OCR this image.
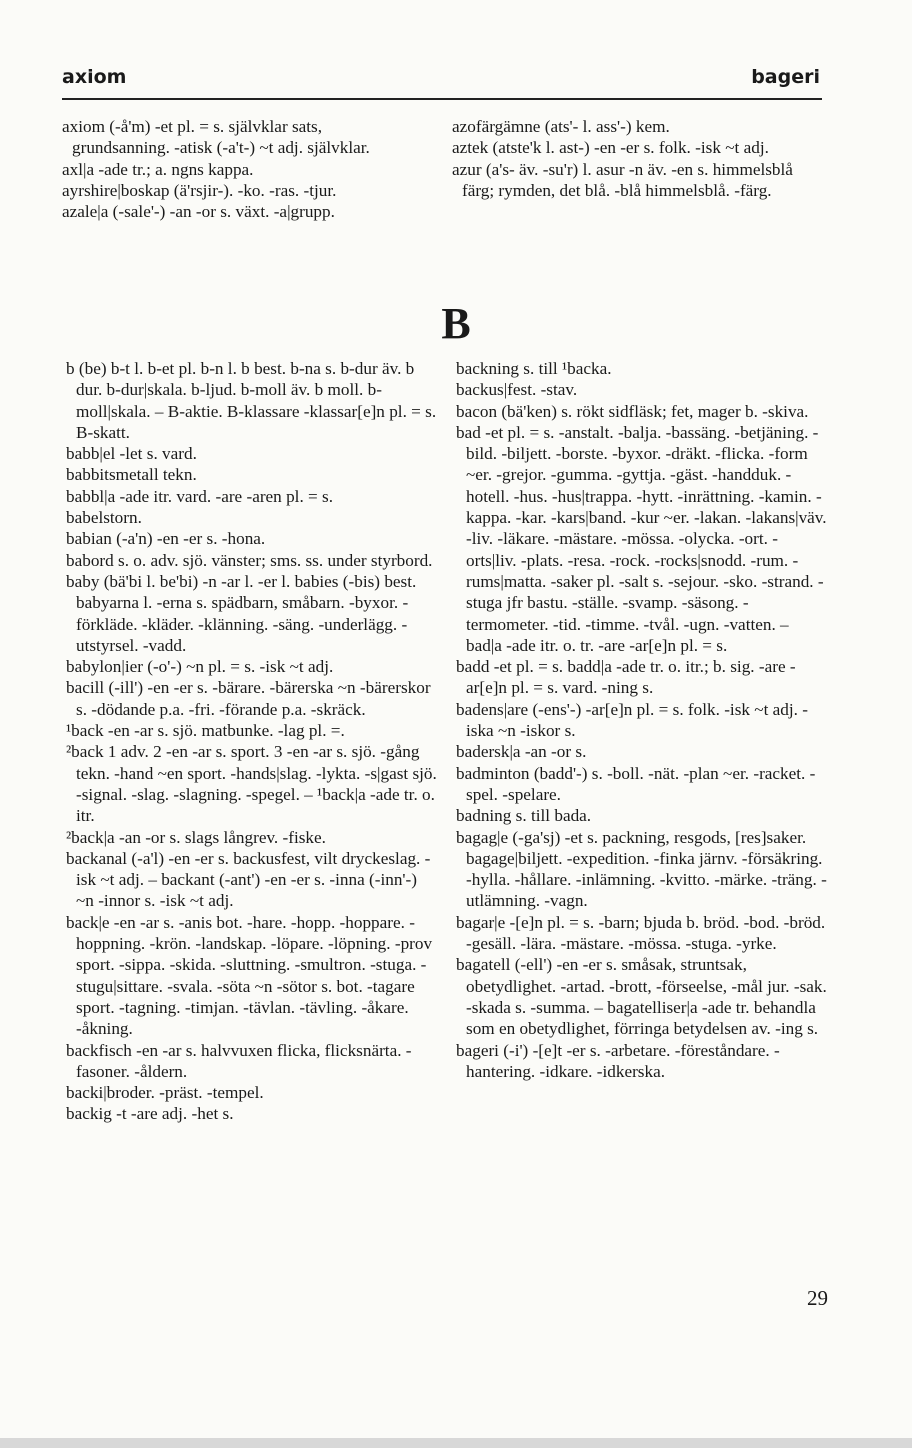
axiom	bageri

axiom (-å'm) -et pl. = s. självklar sats, grundsanning. -atisk (-a't-) ~t adj. självklar.

axl|a -ade tr.; a. ngns kappa.

ayrshire|boskap (ä'rsjir-). -ko. -ras. -tjur.

azale|a (-sale'-) -an -or s. växt. -a|grupp.

azofärgämne (ats'- l. ass'-) kem.

aztek (atste'k l. ast-) -en -er s. folk. -isk ~t adj.

azur (a's- äv. -su'r) l. asur -n äv. -en s. himmelsblå färg; rymden, det blå. -blå himmelsblå. -färg.

B

b (be) b-t l. b-et pl. b-n l. b best. b-na s. b-dur äv. b dur. b-dur|skala. b-ljud. b-moll äv. b moll. b-moll|skala. – B-aktie. B-klassare -klassar[e]n pl. = s. B-skatt.

babb|el -let s. vard.

babbitsmetall tekn.

babbl|a -ade itr. vard. -are -aren pl. = s.

babelstorn.

babian (-a'n) -en -er s. -hona.

babord s. o. adv. sjö. vänster; sms. ss. under styrbord.

baby (bä'bi l. be'bi) -n -ar l. -er l. babies (-bis) best. babyarna l. -erna s. spädbarn, småbarn. -byxor. -förkläde. -kläder. -klänning. -säng. -underlägg. -utstyrsel. -vadd.

babylon|ier (-o'-) ~n pl. = s. -isk ~t adj.

bacill (-ill') -en -er s. -bärare. -bärerska ~n -bärerskor s. -dödande p.a. -fri. -förande p.a. -skräck.

¹back -en -ar s. sjö. matbunke. -lag pl. =.

²back 1 adv. 2 -en -ar s. sport. 3 -en -ar s. sjö. -gång tekn. -hand ~en sport. -hands|slag. -lykta. -s|gast sjö. -signal. -slag. -slagning. -spegel. – ¹back|a -ade tr. o. itr.

²back|a -an -or s. slags långrev. -fiske.

backanal (-a'l) -en -er s. backusfest, vilt dryckeslag. -isk ~t adj. – backant (-ant') -en -er s. -inna (-inn'-) ~n -innor s. -isk ~t adj.

back|e -en -ar s. -anis bot. -hare. -hopp. -hoppare. -hoppning. -krön. -landskap. -löpare. -löpning. -prov sport. -sippa. -skida. -sluttning. -smultron. -stuga. -stugu|sittare. -svala. -söta ~n -sötor s. bot. -tagare sport. -tagning. -timjan. -tävlan. -tävling. -åkare. -åkning.

backfisch -en -ar s. halvvuxen flicka, flicksnärta. -fasoner. -åldern.

backi|broder. -präst. -tempel.

backig -t -are adj. -het s.

backning s. till ¹backa.

backus|fest. -stav.

bacon (bä'ken) s. rökt sidfläsk; fet, mager b. -skiva.

bad -et pl. = s. -anstalt. -balja. -bassäng. -betjäning. -bild. -biljett. -borste. -byxor. -dräkt. -flicka. -form ~er. -grejor. -gumma. -gyttja. -gäst. -handduk. -hotell. -hus. -hus|trappa. -hytt. -inrättning. -kamin. -kappa. -kar. -kars|band. -kur ~er. -lakan. -lakans|väv. -liv. -läkare. -mästare. -mössa. -olycka. -ort. -orts|liv. -plats. -resa. -rock. -rocks|snodd. -rum. -rums|matta. -saker pl. -salt s. -sejour. -sko. -strand. -stuga jfr bastu. -ställe. -svamp. -säsong. -termometer. -tid. -timme. -tvål. -ugn. -vatten. – bad|a -ade itr. o. tr. -are -ar[e]n pl. = s.

badd -et pl. = s. badd|a -ade tr. o. itr.; b. sig. -are -ar[e]n pl. = s. vard. -ning s.

badens|are (-ens'-) -ar[e]n pl. = s. folk. -isk ~t adj. -iska ~n -iskor s.

badersk|a -an -or s.

badminton (badd'-) s. -boll. -nät. -plan ~er. -racket. -spel. -spelare.

badning s. till bada.

bagag|e (-ga'sj) -et s. packning, resgods, [res]saker. bagage|biljett. -expedition. -finka järnv. -försäkring. -hylla. -hållare. -inlämning. -kvitto. -märke. -träng. -utlämning. -vagn.

bagar|e -[e]n pl. = s. -barn; bjuda b. bröd. -bod. -bröd. -gesäll. -lära. -mästare. -mössa. -stuga. -yrke.

bagatell (-ell') -en -er s. småsak, struntsak, obetydlighet. -artad. -brott, -förseelse, -mål jur. -sak. -skada s. -summa. – bagatelliser|a -ade tr. behandla som en obetydlighet, förringa betydelsen av. -ing s.

bageri (-i') -[e]t -er s. -arbetare. -föreståndare. -hantering. -idkare. -idkerska.

29
